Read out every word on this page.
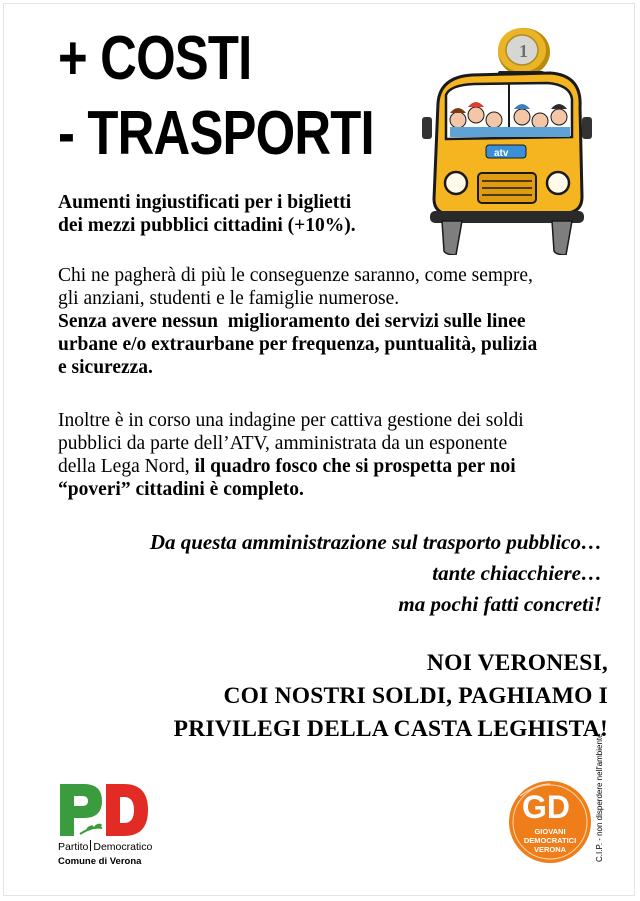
+ COSTI
- TRASPORTI
1
atv
Aumenti ingiustificati per i biglietti
dei mezzi pubblici cittadini (+10%).
Chi ne pagherà di più le conseguenze saranno, come sempre,
gli anziani, studenti e le famiglie numerose.
Senza avere nessun  miglioramento dei servizi sulle linee
urbane e/o extraurbane per frequenza, puntualità, pulizia
e sicurezza.
Inoltre è in corso una indagine per cattiva gestione dei soldi
pubblici da parte dell’ATV, amministrata da un esponente
della Lega Nord, il quadro fosco che si prospetta per noi
“poveri” cittadini è completo.
Da questa amministrazione sul trasporto pubblico…
tante chiacchiere…
ma pochi fatti concreti!
NOI VERONESI,
COI NOSTRI SOLDI, PAGHIAMO I
PRIVILEGI DELLA CASTA LEGHISTA!
Partito Democratico
Comune di Verona
GD
GIOVANI
DEMOCRATICI
VERONA	C.I.P. - non disperdere nell'ambiente
